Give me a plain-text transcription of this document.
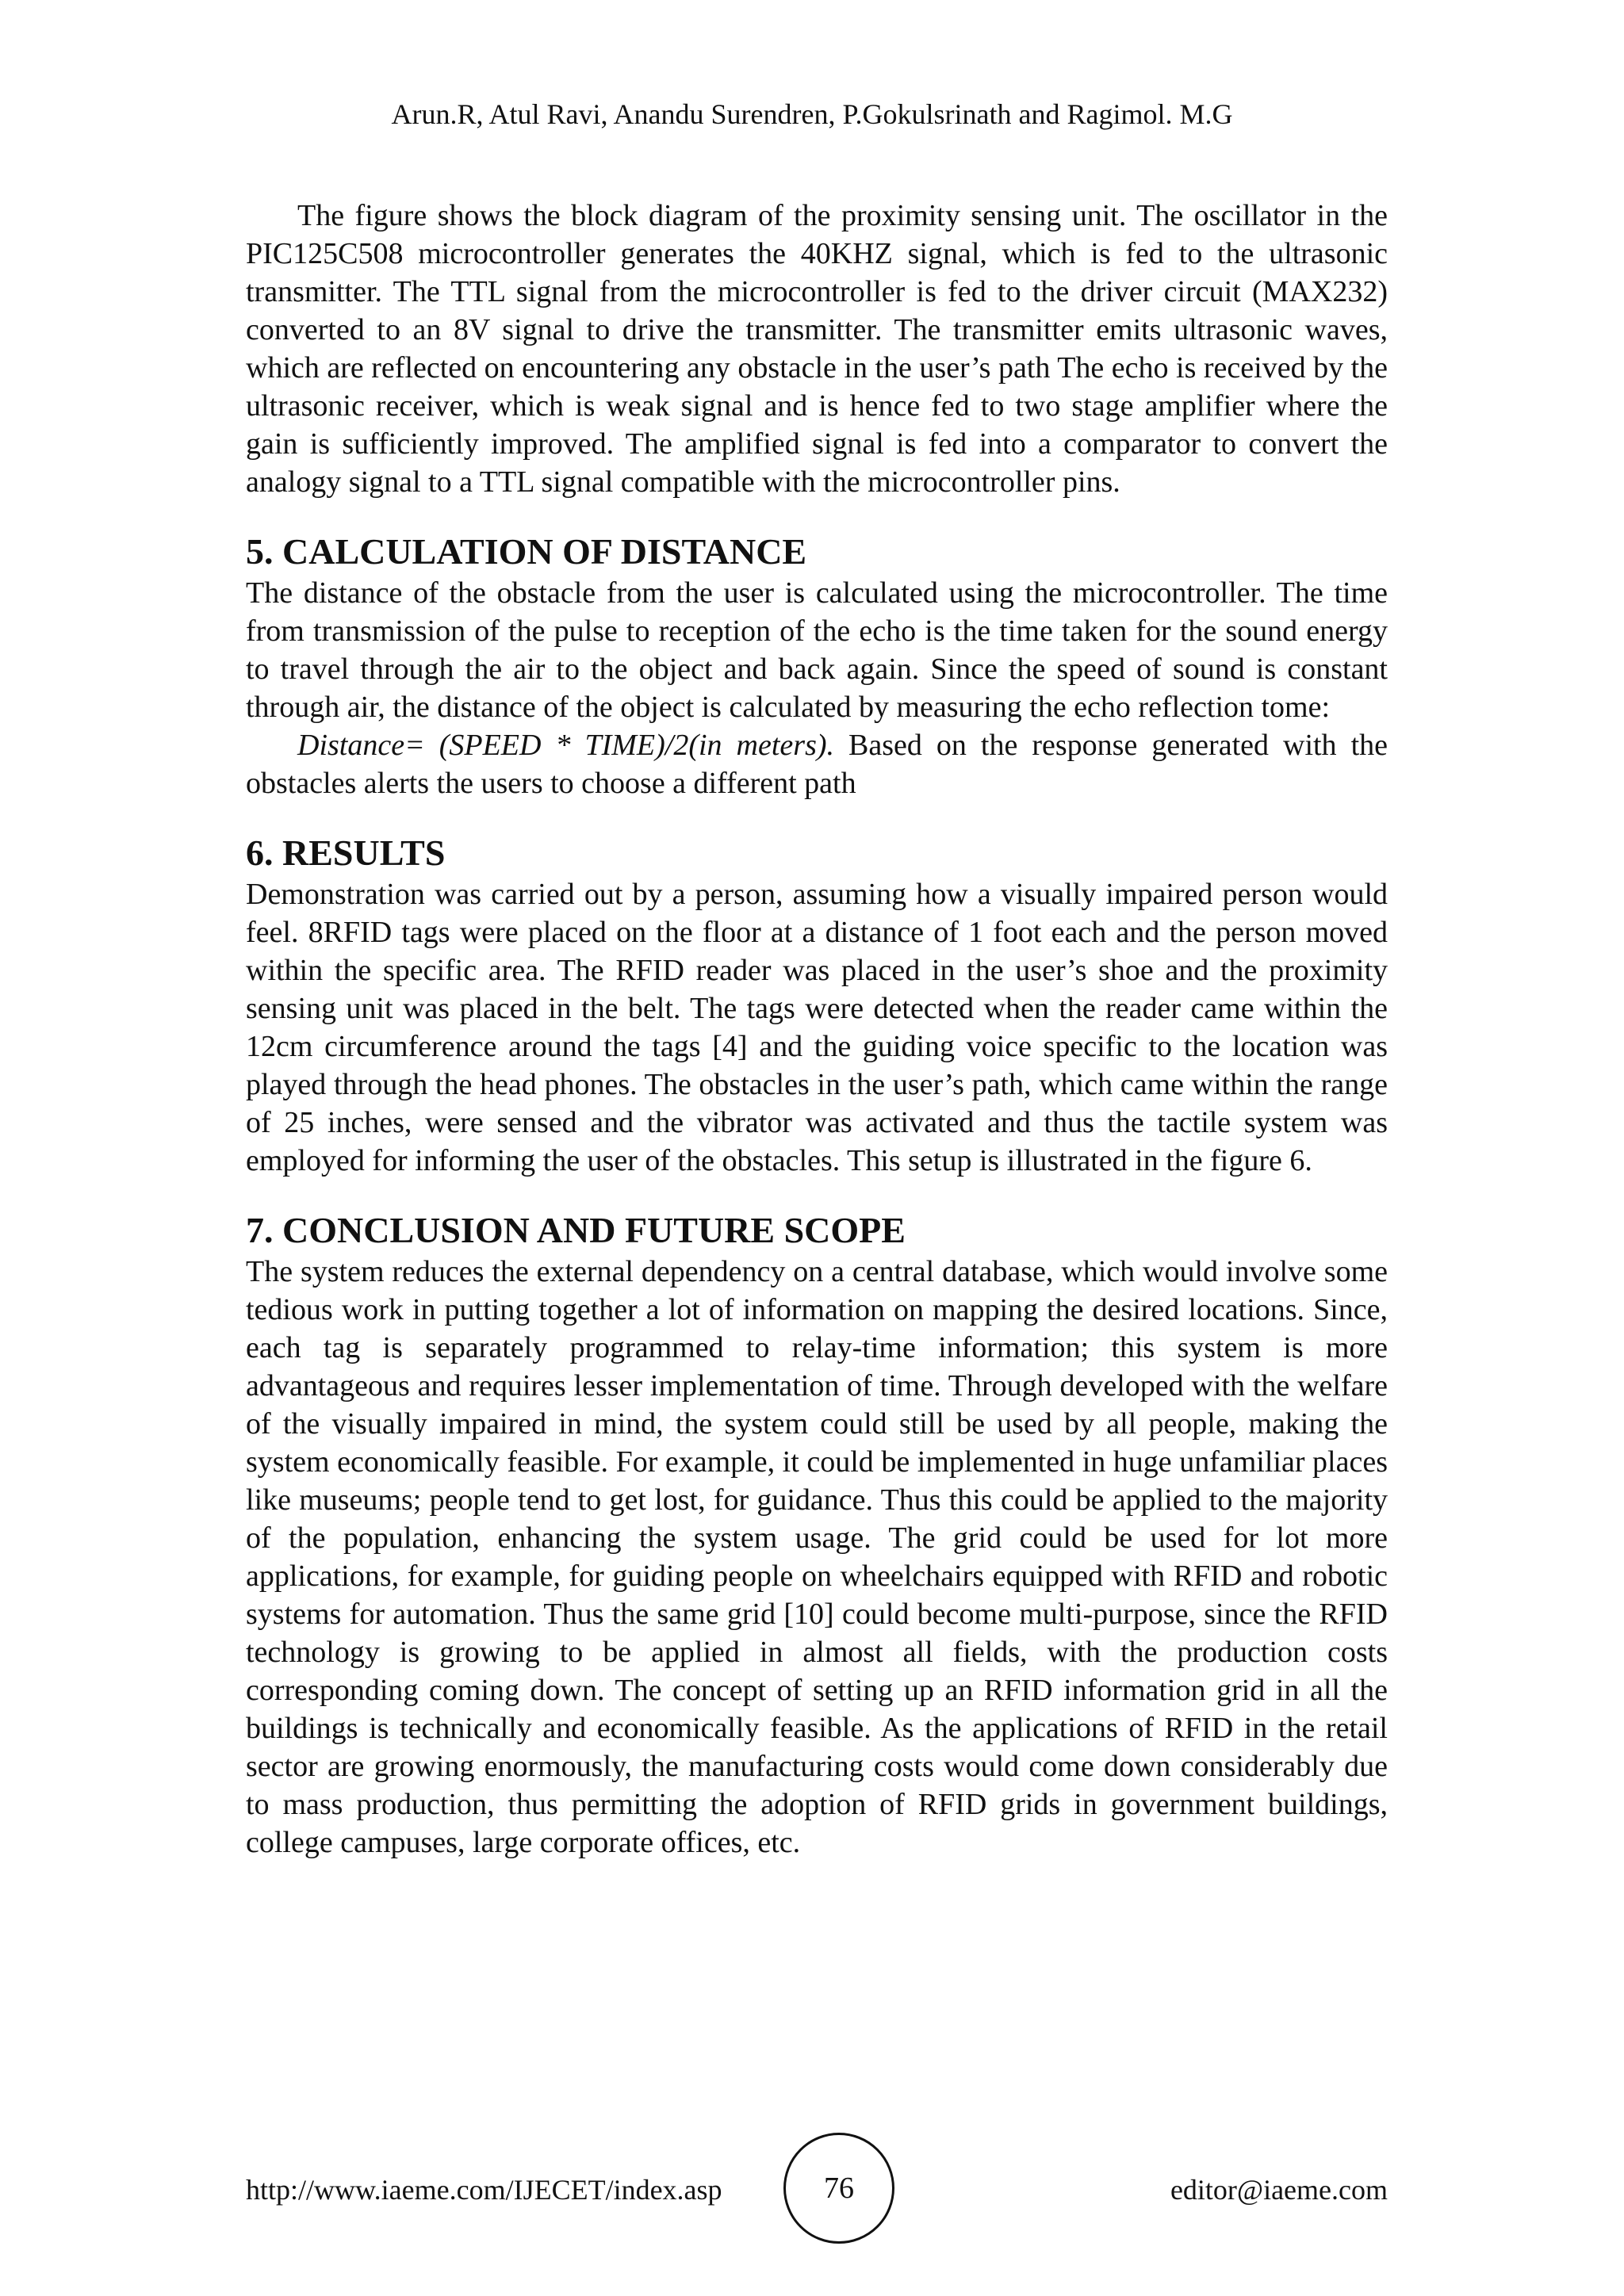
Arun.R, Atul Ravi, Anandu Surendren, P.Gokulsrinath and Ragimol. M.G

The figure shows the block diagram of the proximity sensing unit. The oscillator in the PIC125C508 microcontroller generates the 40KHZ signal, which is fed to the ultrasonic transmitter. The TTL signal from the microcontroller is fed to the driver circuit (MAX232) converted to an 8V signal to drive the transmitter. The transmitter emits ultrasonic waves, which are reflected on encountering any obstacle in the user’s path The echo is received by the ultrasonic receiver, which is weak signal and is hence fed to two stage amplifier where the gain is sufficiently improved. The amplified signal is fed into a comparator to convert the analogy signal to a TTL signal compatible with the microcontroller pins.

5. CALCULATION OF DISTANCE

The distance of the obstacle from the user is calculated using the microcontroller. The time from transmission of the pulse to reception of the echo is the time taken for the sound energy to travel through the air to the object and back again. Since the speed of sound is constant through air, the distance of the object is calculated by measuring the echo reflection tome:

Distance= (SPEED * TIME)/2(in meters). Based on the response generated with the obstacles alerts the users to choose a different path

6. RESULTS

Demonstration was carried out by a person, assuming how a visually impaired person would feel. 8RFID tags were placed on the floor at a distance of 1 foot each and the person moved within the specific area. The RFID reader was placed in the user’s shoe and the proximity sensing unit was placed in the belt. The tags were detected when the reader came within the 12cm circumference around the tags [4] and the guiding voice specific to the location was played through the head phones. The obstacles in the user’s path, which came within the range of 25 inches, were sensed and the vibrator was activated and thus the tactile system was employed for informing the user of the obstacles. This setup is illustrated in the figure 6.

7. CONCLUSION AND FUTURE SCOPE

The system reduces the external dependency on a central database, which would involve some tedious work in putting together a lot of information on mapping the desired locations. Since, each tag is separately programmed to relay-time information; this system is more advantageous and requires lesser implementation of time. Through developed with the welfare of the visually impaired in mind, the system could still be used by all people, making the system economically feasible. For example, it could be implemented in huge unfamiliar places like museums; people tend to get lost, for guidance. Thus this could be applied to the majority of the population, enhancing the system usage. The grid could be used for lot more applications, for example, for guiding people on wheelchairs equipped with RFID and robotic systems for automation. Thus the same grid [10] could become multi-purpose, since the RFID technology is growing to be applied in almost all fields, with the production costs corresponding coming down. The concept of setting up an RFID information grid in all the buildings is technically and economically feasible. As the applications of RFID in the retail sector are growing enormously, the manufacturing costs would come down considerably due to mass production, thus permitting the adoption of RFID grids in government buildings, college campuses, large corporate offices, etc.

http://www.iaeme.com/IJECET/index.asp	76	editor@iaeme.com
